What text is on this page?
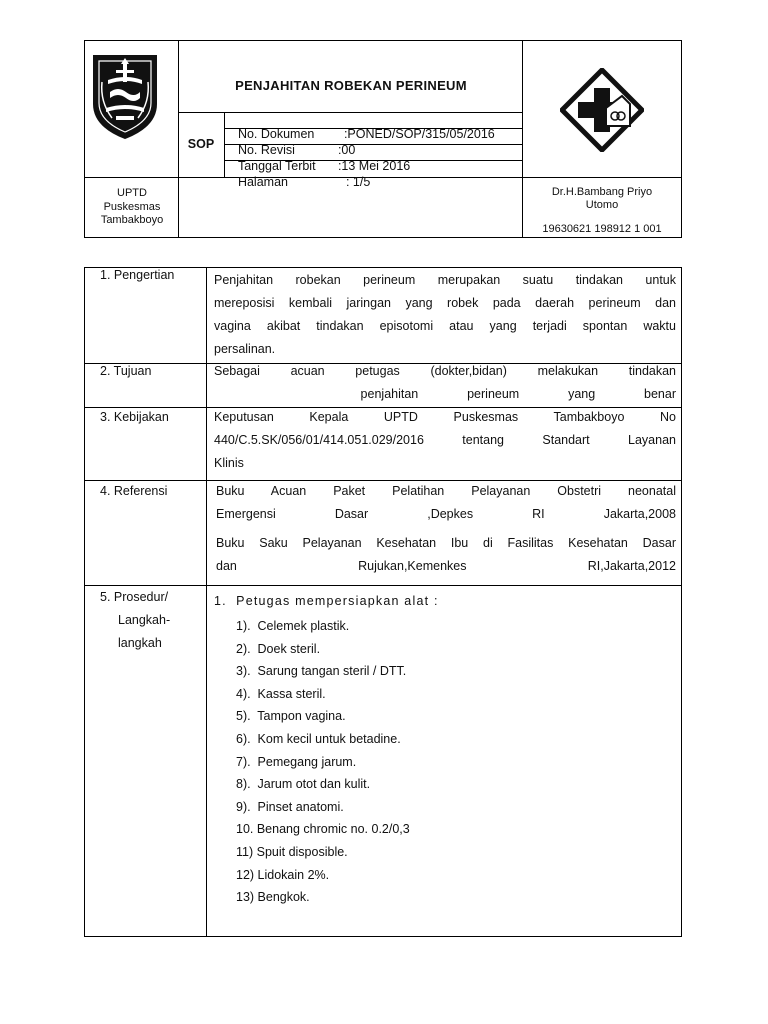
PENJAHITAN ROBEKAN PERINEUM
SOP

No. Dokumen :PONED/SOP/315/05/2016

No. Revisi	:00

Tanggal Terbit :13 Mei 2016

Halaman	: 1/5

UPTD
Puskesmas
Tambakboyo
Dr.H.Bambang Priyo
Utomo
19630621 198912 1 001
1. Pengertian	Penjahitan robekan perineum merupakan suatu tindakan untuk
mereposisi kembali jaringan yang robek pada daerah perineum dan
vagina akibat tindakan episotomi atau yang terjadi spontan waktu
persalinan.
2. Tujuan	Sebagai acuan petugas (dokter,bidan) melakukan tindakan
penjahitan perineum yang benar
3. Kebijakan	Keputusan Kepala UPTD Puskesmas Tambakboyo No
440/C.5.SK/056/01/414.051.029/2016 tentang Standart Layanan
Klinis
4. Referensi	Buku Acuan Paket Pelatihan Pelayanan Obstetri neonatal
Emergensi Dasar ,Depkes RI Jakarta,2008
Buku Saku Pelayanan Kesehatan Ibu di Fasilitas Kesehatan Dasar
dan Rujukan,Kemenkes RI,Jakarta,2012
5. Prosedur/
Langkah-
langkah
1.  Petugas mempersiapkan alat :
1).  Celemek plastik.
2).  Doek steril.
3).  Sarung tangan steril / DTT.
4).  Kassa steril.
5).  Tampon vagina.
6).  Kom kecil untuk betadine.
7).  Pemegang jarum.
8).  Jarum otot dan kulit.
9).  Pinset anatomi.
10. Benang chromic no. 0.2/0,3
11) Spuit disposible.
12) Lidokain 2%.
13) Bengkok.
